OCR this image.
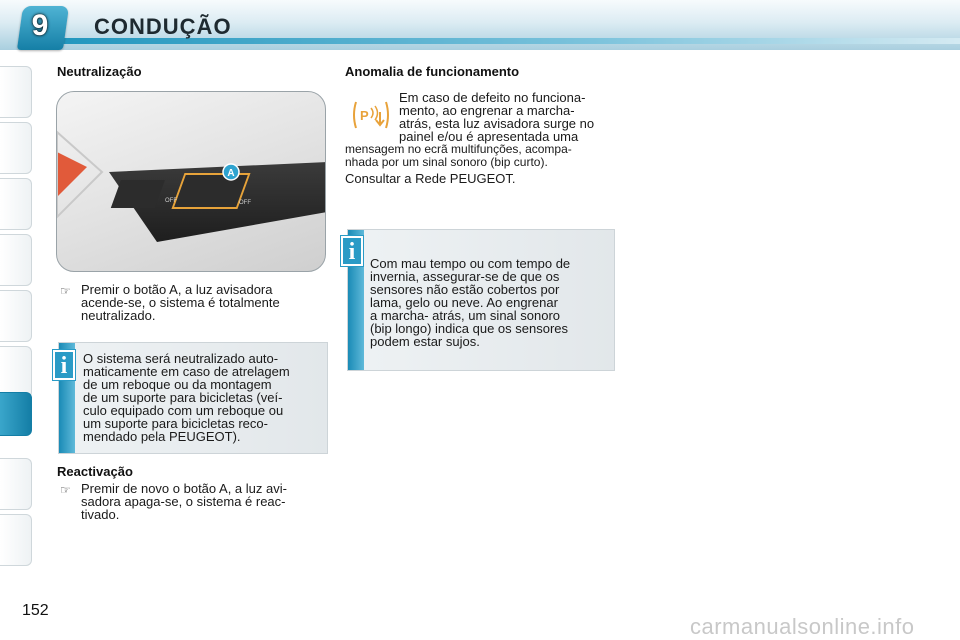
9	CONDUÇÃO
Neutralização
A
OFF	OFF
☞ Premir o botão A, a luz avisadora
acende-se, o sistema é totalmente
neutralizado.
O sistema será neutralizado auto-
maticamente em caso de atrelagem
de um reboque ou da montagem
de um suporte para bicicletas (veí-
culo equipado com um reboque ou
um suporte para bicicletas reco-
mendado pela PEUGEOT).
i
Reactivação
☞ Premir de novo o botão A, a luz avi-
sadora apaga-se, o sistema é reac-
tivado.
Anomalia de funcionamento
P
Em caso de defeito no funciona-
mento, ao engrenar a marcha-
atrás, esta luz avisadora surge no
painel e/ou é apresentada uma
mensagem no ecrã multifunções, acompa-
nhada por um sinal sonoro (bip curto).
Consultar a Rede PEUGEOT.
Com mau tempo ou com tempo de
invernia, assegurar-se de que os
sensores não estão cobertos por
lama, gelo ou neve. Ao engrenar
a marcha- atrás, um sinal sonoro
(bip longo) indica que os sensores
podem estar sujos.
i
152
carmanualsonline.info
